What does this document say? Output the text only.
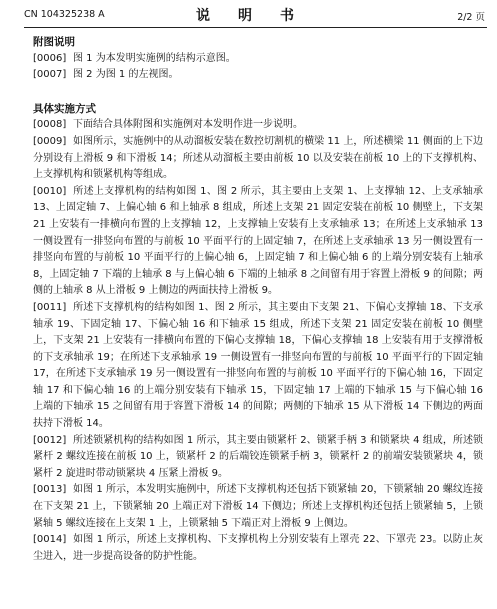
CN 104325238 A	说　明　书	2/2 页
附图说明
[0006] 图 1 为本发明实施例的结构示意图。
[0007] 图 2 为图 1 的左视图。
具体实施方式
[0008] 下面结合具体附图和实施例对本发明作进一步说明。
[0009] 如图所示，实施例中的从动溜板安装在数控切割机的横梁 11 上，所述横梁 11 侧面的上下边分别设有上滑板 9 和下滑板 14；所述从动溜板主要由前板 10 以及安装在前板 10 上的下支撑机构、上支撑机构和锁紧机构等组成。
[0010] 所述上支撑机构的结构如图 1、图 2 所示，其主要由上支架 1、上支撑轴 12、上支承轴承 13、上固定轴 7、上偏心轴 6 和上轴承 8 组成，所述上支架 21 固定安装在前板 10 侧壁上，下支架 21 上安装有一排横向布置的上支撑轴 12，上支撑轴上安装有上支承轴承 13；在所述上支承轴承 13 一侧设置有一排竖向布置的与前板 10 平面平行的上固定轴 7，在所述上支承轴承 13 另一侧设置有一排竖向布置的与前板 10 平面平行的上偏心轴 6，上固定轴 7 和上偏心轴 6 的上端分别安装有上轴承 8，上固定轴 7 下端的上轴承 8 与上偏心轴 6 下端的上轴承 8 之间留有用于容置上滑板 9 的间隙；两侧的上轴承 8 从上滑板 9 上侧边的两面扶持上滑板 9。
[0011] 所述下支撑机构的结构如图 1、图 2 所示，其主要由下支架 21、下偏心支撑轴 18、下支承轴承 19、下固定轴 17、下偏心轴 16 和下轴承 15 组成，所述下支架 21 固定安装在前板 10 侧壁上，下支架 21 上安装有一排横向布置的下偏心支撑轴 18，下偏心支撑轴 18 上安装有用于支撑滑板的下支承轴承 19；在所述下支承轴承 19 一侧设置有一排竖向布置的与前板 10 平面平行的下固定轴 17，在所述下支承轴承 19 另一侧设置有一排竖向布置的与前板 10 平面平行的下偏心轴 16，下固定轴 17 和下偏心轴 16 的上端分别安装有下轴承 15，下固定轴 17 上端的下轴承 15 与下偏心轴 16 上端的下轴承 15 之间留有用于容置下滑板 14 的间隙；两侧的下轴承 15 从下滑板 14 下侧边的两面扶持下滑板 14。
[0012] 所述锁紧机构的结构如图 1 所示，其主要由锁紧杆 2、锁紧手柄 3 和锁紧块 4 组成，所述锁紧杆 2 螺纹连接在前板 10 上，锁紧杆 2 的后端铰连锁紧手柄 3，锁紧杆 2 的前端安装锁紧块 4，锁紧杆 2 旋进时带动锁紧块 4 压紧上滑板 9。
[0013] 如图 1 所示，本发明实施例中，所述下支撑机构还包括下锁紧轴 20，下锁紧轴 20 螺纹连接在下支架 21 上，下锁紧轴 20 上端正对下滑板 14 下侧边；所述上支撑机构还包括上锁紧轴 5，上锁紧轴 5 螺纹连接在上支架 1 上，上锁紧轴 5 下端正对上滑板 9 上侧边。
[0014] 如图 1 所示，所述上支撑机构、下支撑机构上分别安装有上罩壳 22、下罩壳 23。以防止灰尘进入，进一步提高设备的防护性能。
